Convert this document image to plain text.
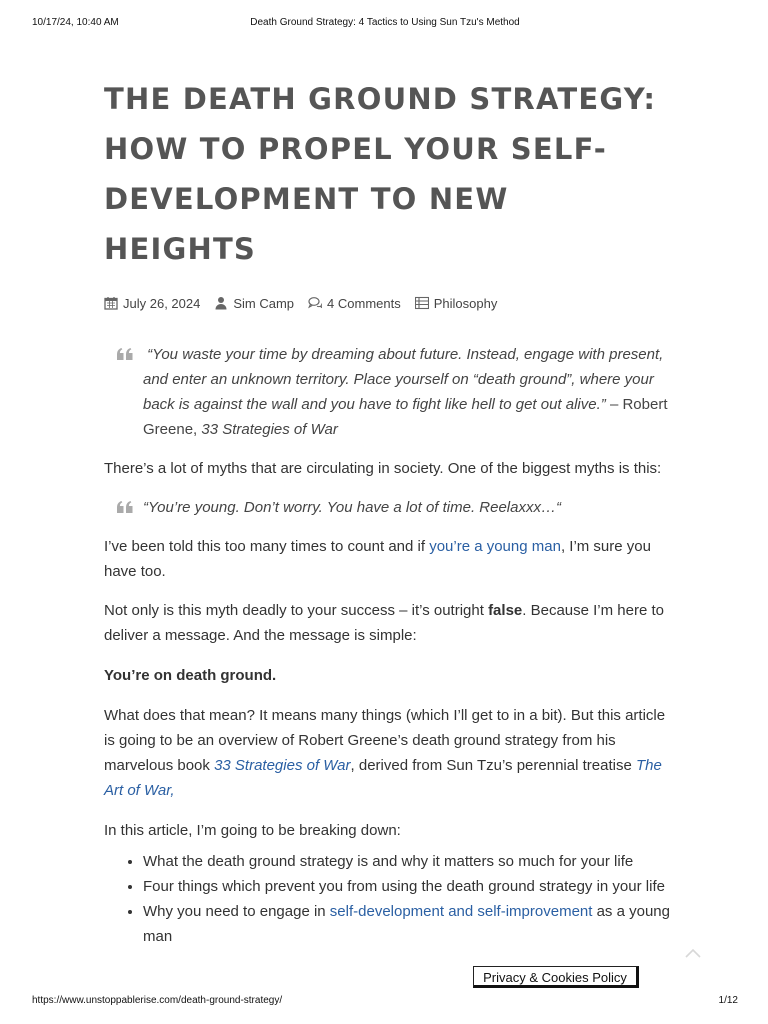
10/17/24, 10:40 AM	Death Ground Strategy: 4 Tactics to Using Sun Tzu's Method
THE DEATH GROUND STRATEGY: HOW TO PROPEL YOUR SELF-DEVELOPMENT TO NEW HEIGHTS
July 26, 2024	Sim Camp	4 Comments	Philosophy
“You waste your time by dreaming about future. Instead, engage with present, and enter an unknown territory. Place yourself on “death ground”, where your back is against the wall and you have to fight like hell to get out alive.” – Robert Greene, 33 Strategies of War

There’s a lot of myths that are circulating in society. One of the biggest myths is this:

“You’re young. Don’t worry. You have a lot of time. Reelaxxx…“

I’ve been told this too many times to count and if you’re a young man, I’m sure you have too.

Not only is this myth deadly to your success – it’s outright false. Because I’m here to deliver a message. And the message is simple:

You’re on death ground.

What does that mean? It means many things (which I’ll get to in a bit). But this article is going to be an overview of Robert Greene’s death ground strategy from his marvelous book 33 Strategies of War, derived from Sun Tzu’s perennial treatise The Art of War,

In this article, I’m going to be breaking down:

• What the death ground strategy is and why it matters so much for your life
• Four things which prevent you from using the death ground strategy in your life
• Why you need to engage in self-development and self-improvement as a young man
Privacy & Cookies Policy
https://www.unstoppablerise.com/death-ground-strategy/	1/12
